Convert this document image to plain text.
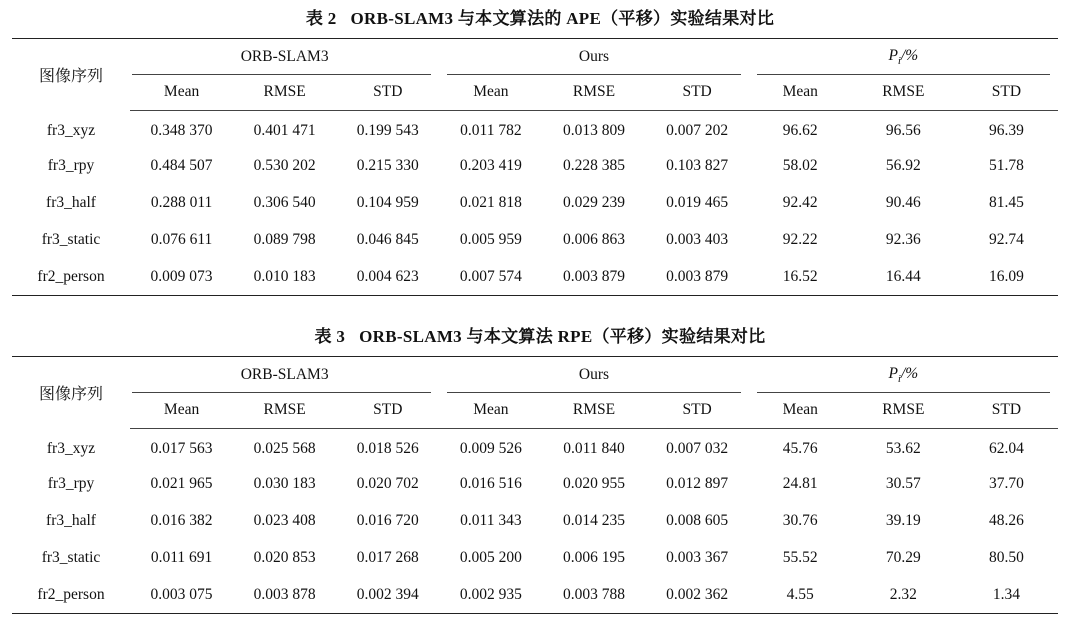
表 2 ORB-SLAM3 与本文算法的 APE（平移）实验结果对比
图像序列	ORB-SLAM3			Ours			$P_i/\%$		

	Mean	RMSE	STD	Mean	RMSE	STD	Mean	RMSE	STD
fr3_xyz	0.348 370	0.401 471	0.199 543	0.011 782	0.013 809	0.007 202	96.62	96.56	96.39
fr3_rpy	0.484 507	0.530 202	0.215 330	0.203 419	0.228 385	0.103 827	58.02	56.92	51.78
fr3_half	0.288 011	0.306 540	0.104 959	0.021 818	0.029 239	0.019 465	92.42	90.46	81.45
fr3_static	0.076 611	0.089 798	0.046 845	0.005 959	0.006 863	0.003 403	92.22	92.36	92.74
fr2_person	0.009 073	0.010 183	0.004 623	0.007 574	0.003 879	0.003 879	16.52	16.44	16.09
表 3 ORB-SLAM3 与本文算法 RPE（平移）实验结果对比
图像序列	ORB-SLAM3			Ours			$P_i/\%$		

	Mean	RMSE	STD	Mean	RMSE	STD	Mean	RMSE	STD
fr3_xyz	0.017 563	0.025 568	0.018 526	0.009 526	0.011 840	0.007 032	45.76	53.62	62.04
fr3_rpy	0.021 965	0.030 183	0.020 702	0.016 516	0.020 955	0.012 897	24.81	30.57	37.70
fr3_half	0.016 382	0.023 408	0.016 720	0.011 343	0.014 235	0.008 605	30.76	39.19	48.26
fr3_static	0.011 691	0.020 853	0.017 268	0.005 200	0.006 195	0.003 367	55.52	70.29	80.50
fr2_person	0.003 075	0.003 878	0.002 394	0.002 935	0.003 788	0.002 362	4.55	2.32	1.34
